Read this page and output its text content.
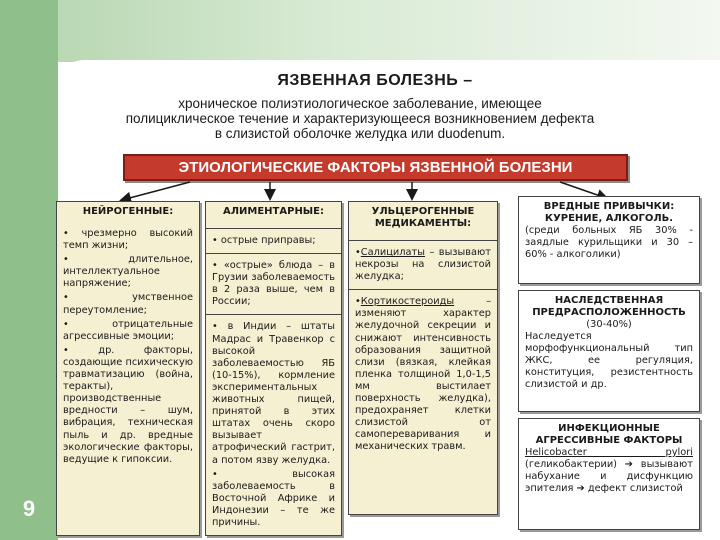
9
ЯЗВЕННАЯ БОЛЕЗНЬ –
хроническое полиэтиологическое заболевание, имеющее
полициклическое течение и характеризующееся возникновением дефекта
в слизистой оболочке желудка или duodenum.
ЭТИОЛОГИЧЕСКИЕ ФАКТОРЫ ЯЗВЕННОЙ БОЛЕЗНИ
НЕЙРОГЕННЫЕ:
• чрезмерно высокий темп жизни;
• длительное, интеллектуальное напряжение;
• умственное переутомление;
• отрицательные агрессивные эмоции;
• др. факторы, создающие психическую травматизацию (война, теракты), производственные вредности – шум, вибрация, техническая пыль и др. вредные экологические факторы, ведущие к гипоксии.
АЛИМЕНТАРНЫЕ:
• острые приправы;
• «острые» блюда – в Грузии заболеваемость в 2 раза выше, чем в России;
• в Индии – штаты Мадрас и Травенкор с высокой заболеваемостью ЯБ (10-15%), кормление экспериментальных животных пищей, принятой в этих штатах очень скоро вызывает атрофический гастрит, а потом язву желудка.
• высокая заболеваемость в Восточной Африке и Индонезии – те же причины.
УЛЬЦЕРОГЕННЫЕ МЕДИКАМЕНТЫ:
•Салицилаты – вызывают некрозы на слизистой желудка;
•Кортикостероиды	– изменяют характер желудочной секреции и снижают интенсивность образования защитной слизи (вязкая, клейкая пленка толщиной 1,0-1,5 мм выстилает поверхность желудка), предохраняет клетки слизистой от самопереваривания и механических травм.
ВРЕДНЫЕ ПРИВЫЧКИ: КУРЕНИЕ, АЛКОГОЛЬ.
(среди больных ЯБ 30% - заядлые курильщики и 30 – 60% - алкоголики)
НАСЛЕДСТВЕННАЯ ПРЕДРАСПОЛОЖЕННОСТЬ
(30-40%)
Наследуется морфофункциональный тип ЖКС, ее регуляция, конституция, резистентность слизистой и др.
ИНФЕКЦИОННЫЕ АГРЕССИВНЫЕ ФАКТОРЫ
Helicobacter pylori (геликобактерии) ➔ вызывают набухание и дисфункцию эпителия ➔ дефект слизистой
